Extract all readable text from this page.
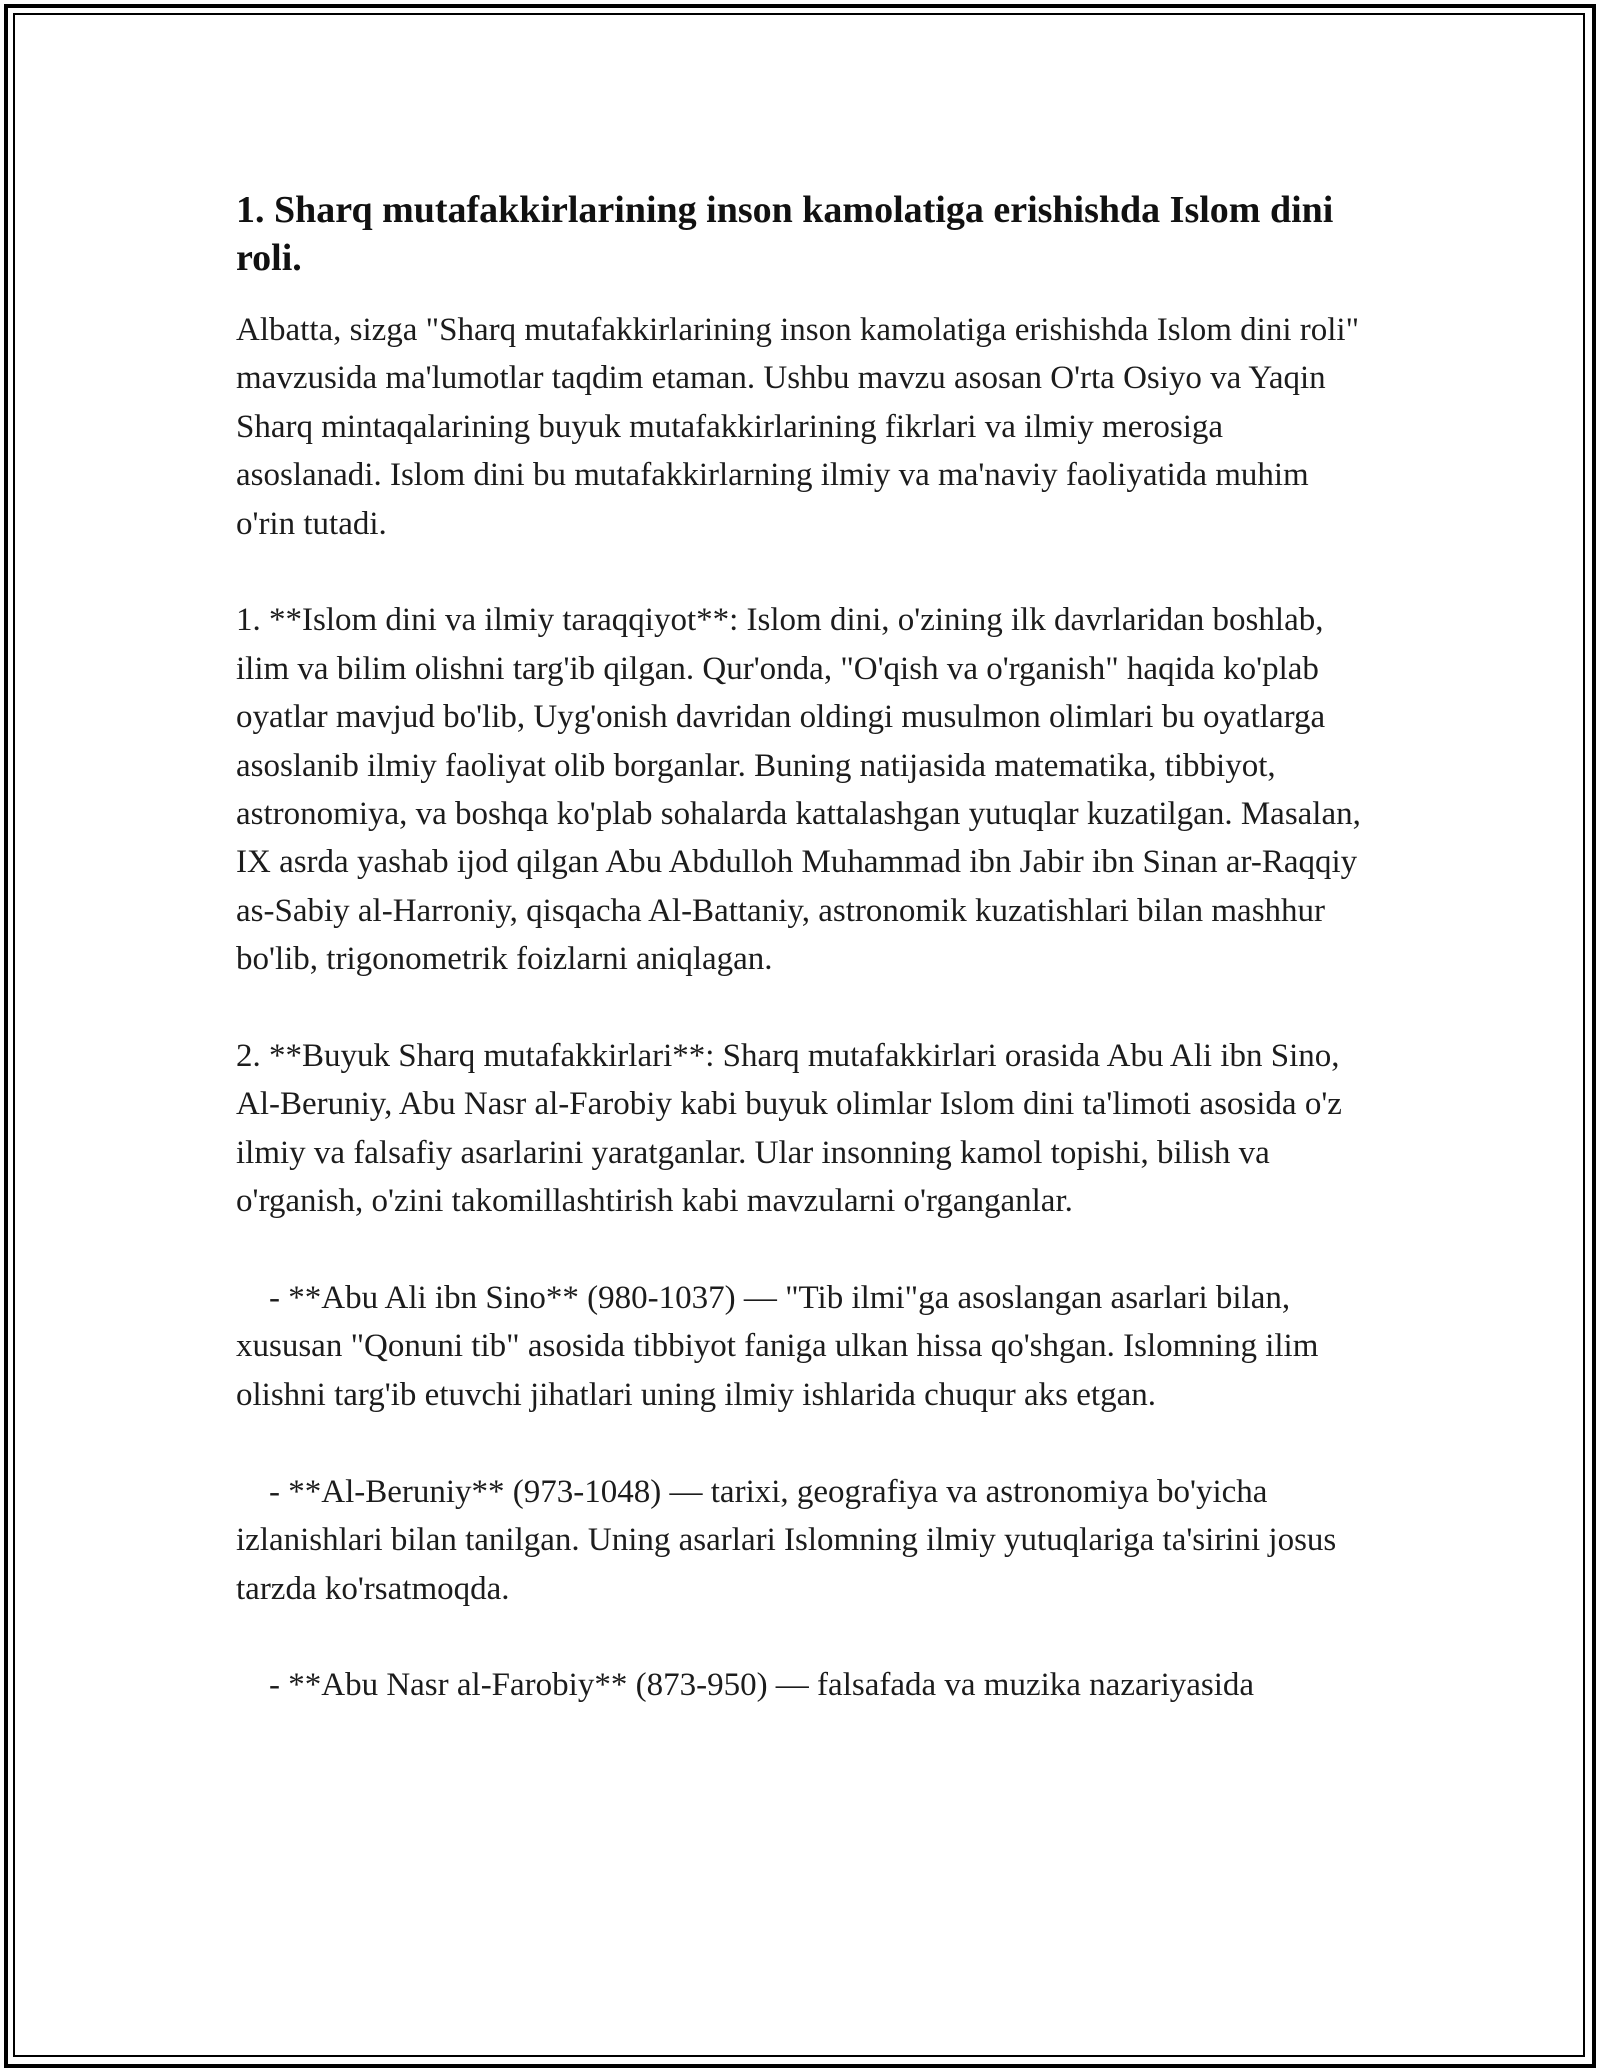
1. Sharq mutafakkirlarining inson kamolatiga erishishda Islom dini roli.

Albatta, sizga "Sharq mutafakkirlarining inson kamolatiga erishishda Islom dini roli" mavzusida ma'lumotlar taqdim etaman. Ushbu mavzu asosan O'rta Osiyo va Yaqin Sharq mintaqalarining buyuk mutafakkirlarining fikrlari va ilmiy merosiga asoslanadi. Islom dini bu mutafakkirlarning ilmiy va ma'naviy faoliyatida muhim o'rin tutadi.

1. **Islom dini va ilmiy taraqqiyot**: Islom dini, o'zining ilk davrlaridan boshlab, ilim va bilim olishni targ'ib qilgan. Qur'onda, "O'qish va o'rganish" haqida ko'plab oyatlar mavjud bo'lib, Uyg'onish davridan oldingi musulmon olimlari bu oyatlarga asoslanib ilmiy faoliyat olib borganlar. Buning natijasida matematika, tibbiyot, astronomiya, va boshqa ko'plab sohalarda kattalashgan yutuqlar kuzatilgan. Masalan, IX asrda yashab ijod qilgan Abu Abdulloh Muhammad ibn Jabir ibn Sinan ar-Raqqiy as-Sabiy al-Harroniy, qisqacha Al-Battaniy, astronomik kuzatishlari bilan mashhur bo'lib, trigonometrik foizlarni aniqlagan.

2. **Buyuk Sharq mutafakkirlari**: Sharq mutafakkirlari orasida Abu Ali ibn Sino, Al-Beruniy, Abu Nasr al-Farobiy kabi buyuk olimlar Islom dini ta'limoti asosida o'z ilmiy va falsafiy asarlarini yaratganlar. Ular insonning kamol topishi, bilish va o'rganish, o'zini takomillashtirish kabi mavzularni o'rganganlar.

- **Abu Ali ibn Sino** (980-1037) — "Tib ilmi"ga asoslangan asarlari bilan, xususan "Qonuni tib" asosida tibbiyot faniga ulkan hissa qo'shgan. Islomning ilim olishni targ'ib etuvchi jihatlari uning ilmiy ishlarida chuqur aks etgan.

- **Al-Beruniy** (973-1048) — tarixi, geografiya va astronomiya bo'yicha izlanishlari bilan tanilgan. Uning asarlari Islomning ilmiy yutuqlariga ta'sirini josus tarzda ko'rsatmoqda.

- **Abu Nasr al-Farobiy** (873-950) — falsafada va muzika nazariyasida
